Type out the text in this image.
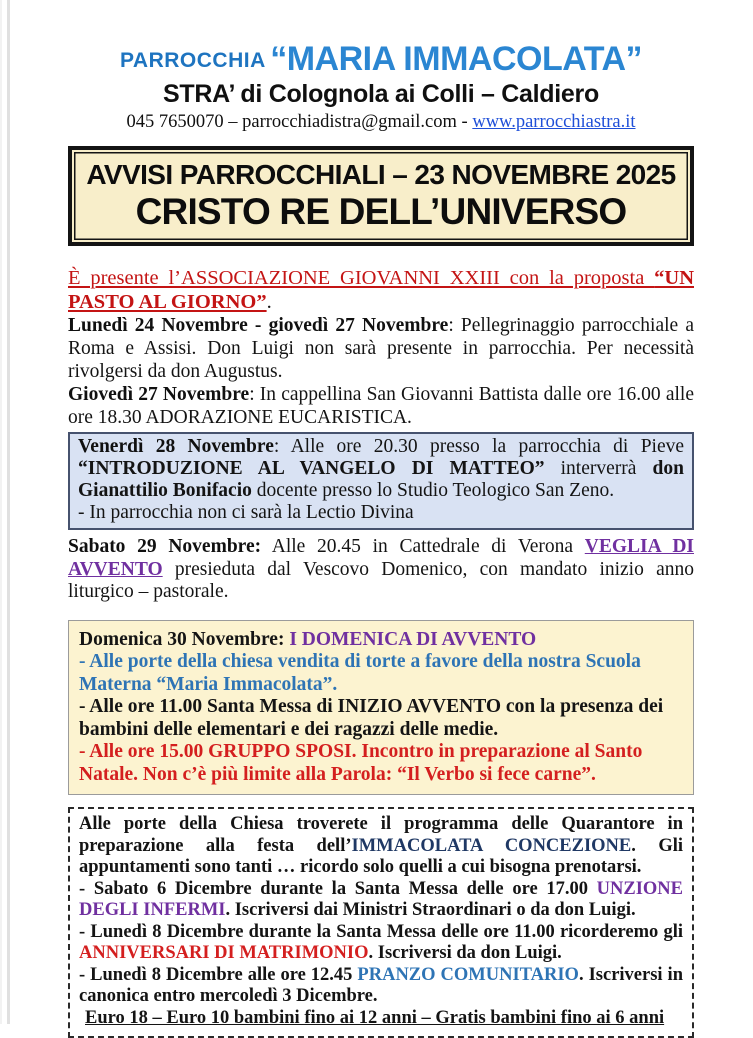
PARROCCHIA “MARIA IMMACOLATA”
STRA’ di Colognola ai Colli – Caldiero
045 7650070 – parrocchiadistra@gmail.com - www.parrocchiastra.it
AVVISI PARROCCHIALI – 23 NOVEMBRE 2025
CRISTO RE DELL’UNIVERSO
È presente l’ASSOCIAZIONE GIOVANNI XXIII con la proposta “UN PASTO AL GIORNO”.
Lunedì 24 Novembre - giovedì 27 Novembre: Pellegrinaggio parrocchiale a Roma e Assisi. Don Luigi non sarà presente in parrocchia. Per necessità rivolgersi da don Augustus.
Giovedì 27 Novembre: In cappellina San Giovanni Battista dalle ore 16.00 alle ore 18.30 ADORAZIONE EUCARISTICA.
Venerdì 28 Novembre: Alle ore 20.30 presso la parrocchia di Pieve “INTRODUZIONE AL VANGELO DI MATTEO” interverrà don Gianattilio Bonifacio docente presso lo Studio Teologico San Zeno.
- In parrocchia non ci sarà la Lectio Divina
Sabato 29 Novembre: Alle 20.45 in Cattedrale di Verona VEGLIA DI AVVENTO presieduta dal Vescovo Domenico, con mandato inizio anno liturgico – pastorale.
Domenica 30 Novembre: I DOMENICA DI AVVENTO
- Alle porte della chiesa vendita di torte a favore della nostra Scuola Materna “Maria Immacolata”.
- Alle ore 11.00 Santa Messa di INIZIO AVVENTO con la presenza dei bambini delle elementari e dei ragazzi delle medie.
- Alle ore 15.00 GRUPPO SPOSI. Incontro in preparazione al Santo Natale. Non c’è più limite alla Parola: “Il Verbo si fece carne”.
Alle porte della Chiesa troverete il programma delle Quarantore in preparazione alla festa dell’IMMACOLATA CONCEZIONE. Gli appuntamenti sono tanti … ricordo solo quelli a cui bisogna prenotarsi.
- Sabato 6 Dicembre durante la Santa Messa delle ore 17.00 UNZIONE DEGLI INFERMI. Iscriversi dai Ministri Straordinari o da don Luigi.
- Lunedì 8 Dicembre durante la Santa Messa delle ore 11.00 ricorderemo gli ANNIVERSARI DI MATRIMONIO. Iscriversi da don Luigi.
- Lunedì 8 Dicembre alle ore 12.45 PRANZO COMUNITARIO. Iscriversi in canonica entro mercoledì 3 Dicembre.
Euro 18 – Euro 10 bambini fino ai 12 anni – Gratis bambini fino ai 6 anni
